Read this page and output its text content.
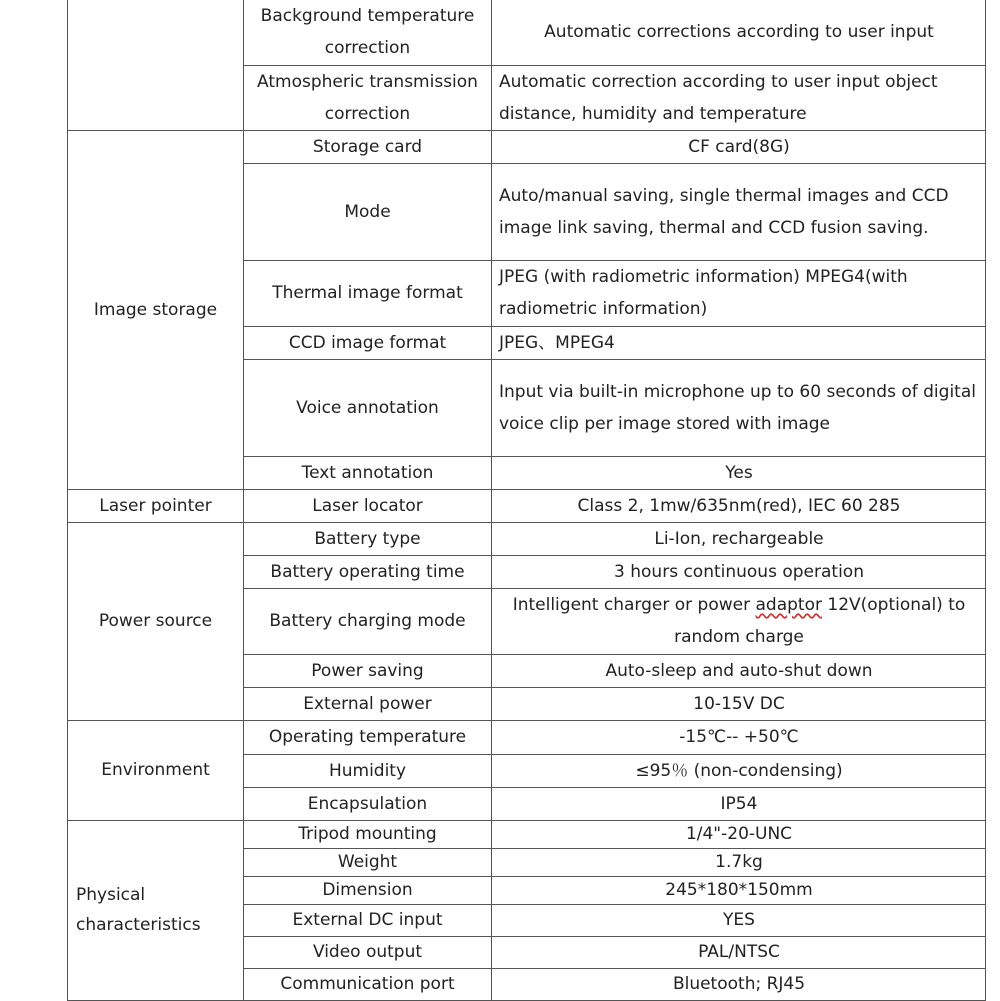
	Background temperature correction	Automatic corrections according to user input
	Atmospheric transmission correction	Automatic correction according to user input object distance, humidity and temperature
Image storage	Storage card	CF card(8G)
	Mode	Auto/manual saving, single thermal images and CCD image link saving, thermal and CCD fusion saving.
	Thermal image format	JPEG (with radiometric information) MPEG4(with radiometric information)
	CCD image format	JPEG、MPEG4
	Voice annotation	Input via built-in microphone up to 60 seconds of digital voice clip per image stored with image
	Text annotation	Yes
Laser pointer	Laser locator	Class 2, 1mw/635nm(red), IEC 60 285
Power source	Battery type	Li-Ion, rechargeable
	Battery operating time	3 hours continuous operation
	Battery charging mode	Intelligent charger or power adaptor 12V(optional) to random charge
	Power saving	Auto-sleep and auto-shut down
	External power	10-15V DC
Environment	Operating temperature	-15℃-- +50℃
	Humidity	≤95％ (non-condensing)
	Encapsulation	IP54
Physical characteristics	Tripod mounting	1/4"-20-UNC
	Weight	1.7kg
	Dimension	245*180*150mm
	External DC input	YES
	Video output	PAL/NTSC
	Communication port	Bluetooth; RJ45
